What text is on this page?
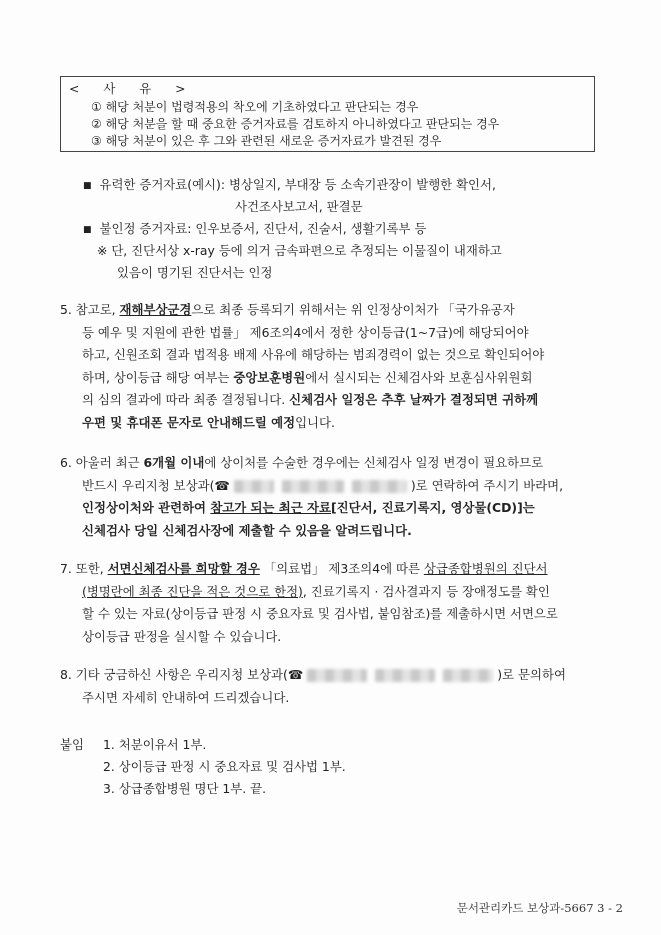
< 사 유 >
① 해당 처분이 법령적용의 착오에 기초하였다고 판단되는 경우
② 해당 처분을 할 때 중요한 증거자료를 검토하지 아니하였다고 판단되는 경우
③ 해당 처분이 있은 후 그와 관련된 새로운 증거자료가 발견된 경우
■ 유력한 증거자료(예시): 병상일지, 부대장 등 소속기관장이 발행한 확인서,
사건조사보고서, 판결문
■ 불인정 증거자료: 인우보증서, 진단서, 진술서, 생활기록부 등
※ 단, 진단서상 x-ray 등에 의거 금속파편으로 추정되는 이물질이 내재하고
있음이 명기된 진단서는 인정
5. 참고로, 재해부상군경으로 최종 등록되기 위해서는 위 인정상이처가 「국가유공자
등 예우 및 지원에 관한 법률」 제6조의4에서 정한 상이등급(1~7급)에 해당되어야
하고, 신원조회 결과 법적용 배제 사유에 해당하는 범죄경력이 없는 것으로 확인되어야
하며, 상이등급 해당 여부는 중앙보훈병원에서 실시되는 신체검사와 보훈심사위원회
의 심의 결과에 따라 최종 결정됩니다. 신체검사 일정은 추후 날짜가 결정되면 귀하께
우편 및 휴대폰 문자로 안내해드릴 예정입니다.
6. 아울러 최근 6개월 이내에 상이처를 수술한 경우에는 신체검사 일정 변경이 필요하므로
반드시 우리지청 보상과(☎	)로 연락하여 주시기 바라며,
인정상이처와 관련하여 참고가 되는 최근 자료[진단서, 진료기록지, 영상물(CD)]는
신체검사 당일 신체검사장에 제출할 수 있음을 알려드립니다.
7. 또한, 서면신체검사를 희망할 경우 「의료법」 제3조의4에 따른 상급종합병원의 진단서
(병명란에 최종 진단을 적은 것으로 한정), 진료기록지 · 검사결과지 등 장애정도를 확인
할 수 있는 자료(상이등급 판정 시 중요자료 및 검사법, 붙임참조)를 제출하시면 서면으로
상이등급 판정을 실시할 수 있습니다.
8. 기타 궁금하신 사항은 우리지청 보상과(☎	)로 문의하여
주시면 자세히 안내하여 드리겠습니다.
붙임 1. 처분이유서 1부.
2. 상이등급 판정 시 중요자료 및 검사법 1부.
3. 상급종합병원 명단 1부. 끝.
문서관리카드 보상과-5667 3 - 2
